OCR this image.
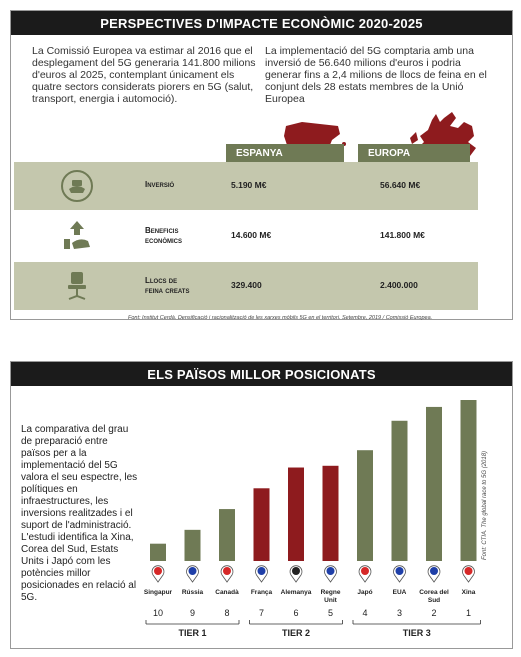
PERSPECTIVES D'IMPACTE ECONÒMIC 2020-2025
La Comissió Europea va estimar al 2016 que el desplegament del 5G generaria 141.800 milions d'euros al 2025, contemplant únicament els quatre sectors considerats piorers en 5G (salut, transport, energia i automoció).
La implementació del 5G comptaria amb una inversió de 56.640 milions d'euros i podria generar fins a 2,4 milions de llocs de feina en el conjunt dels 28 estats membres de la Unió Europea
ESPANYA	EUROPA
Inversió	5.190 M€	56.640 M€
Beneficis
econòmics
14.600 M€	141.800 M€
Llocs de
feina creats
329.400	2.400.000
Font: Institut Cerdà. Densificació i racionalització de les xarxes mòbils 5G en el territori. Setembre, 2019 / Comissió Europea.
ELS PAÏSOS MILLOR POSICIONATS
La comparativa del grau de preparació entre països per a la implementació del 5G valora el seu espectre, les polítiques en infraestructures, les inversions realitzades i el suport de l'administració. L'estudi identifica la Xina, Corea del Sud, Estats Units i Japó com les potències millor posicionades en relació al 5G.
Font: CTIA. The global race to 5G (2018)
Singapur
10
Rússia
9
Canadà
8
França
7
Alemanya
6
Regne
Unit
5
Japó
4
EUA
3
Corea del
Sud
2
Xina
1
TIER 1	TIER 2	TIER 3
